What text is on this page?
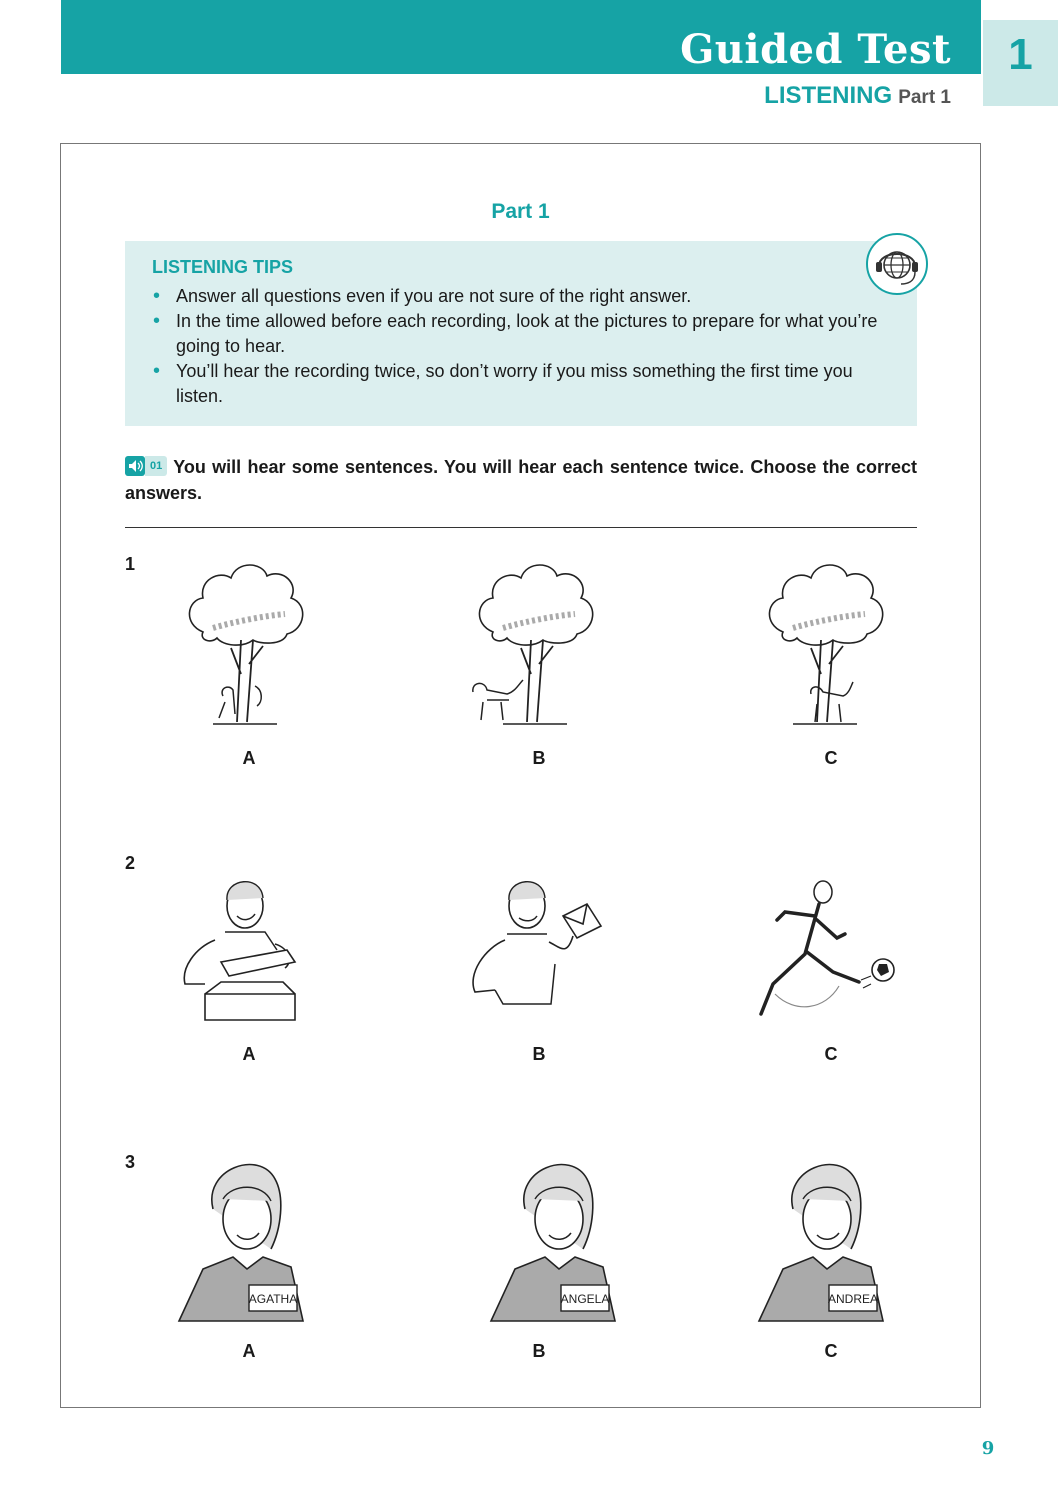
Guided Test	1
LISTENING Part 1
Part 1
LISTENING TIPS
• Answer all questions even if you are not sure of the right answer.
• In the time allowed before each recording, look at the pictures to prepare for what you’re going to hear.
• You’ll hear the recording twice, so don’t worry if you miss something the first time you listen.
01 You will hear some sentences. You will hear each sentence twice. Choose the correct answers.
1
A	B	C
2
A	B	C
3
AGATHA	ANGELA	ANDREA
A	B	C
9
